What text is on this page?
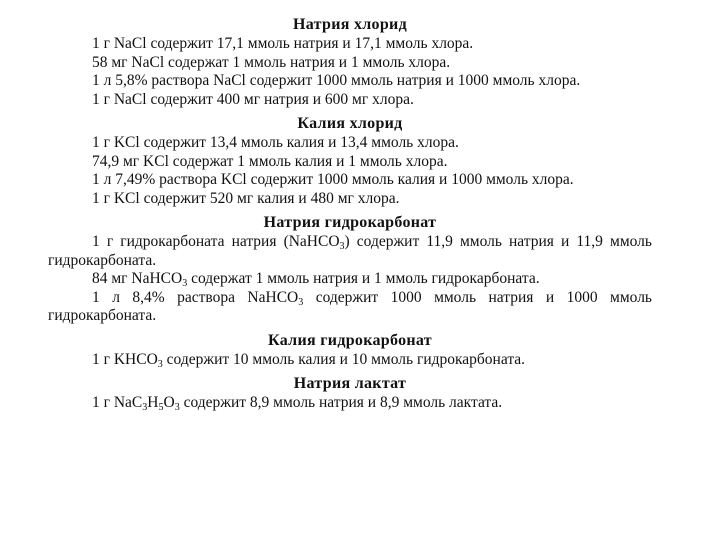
Натрия хлорид

1 г NaCl содержит 17,1 ммоль натрия и 17,1 ммоль хлора.

58 мг NaCl содержат 1 ммоль натрия и 1 ммоль хлора.

1 л 5,8% раствора NaCl содержит 1000 ммоль натрия и 1000 ммоль хлора.

1 г NaCl содержит 400 мг натрия и 600 мг хлора.

Калия хлорид

1 г KCl содержит 13,4 ммоль калия и 13,4 ммоль хлора.

74,9 мг KCl содержат 1 ммоль калия и 1 ммоль хлора.

1 л 7,49% раствора KCl содержит 1000 ммоль калия и 1000 ммоль хлора.

1 г KCl содержит 520 мг калия и 480 мг хлора.

Натрия гидрокарбонат

1 г гидрокарбоната натрия (NaHCO$_3$) содержит 11,9 ммоль натрия и 11,9 ммоль гидрокарбоната.

84 мг NaHCO$_3$ содержат 1 ммоль натрия и 1 ммоль гидрокарбоната.

1 л 8,4% раствора NaHCO$_3$ содержит 1000 ммоль натрия и 1000 ммоль гидрокарбоната.

Калия гидрокарбонат

1 г $KHCO_3$ содержит 10 ммоль калия и 10 ммоль гидрокарбоната.

Натрия лактат

1 г $NaC_3H_5O_3$ содержит 8,9 ммоль натрия и 8,9 ммоль лактата.
